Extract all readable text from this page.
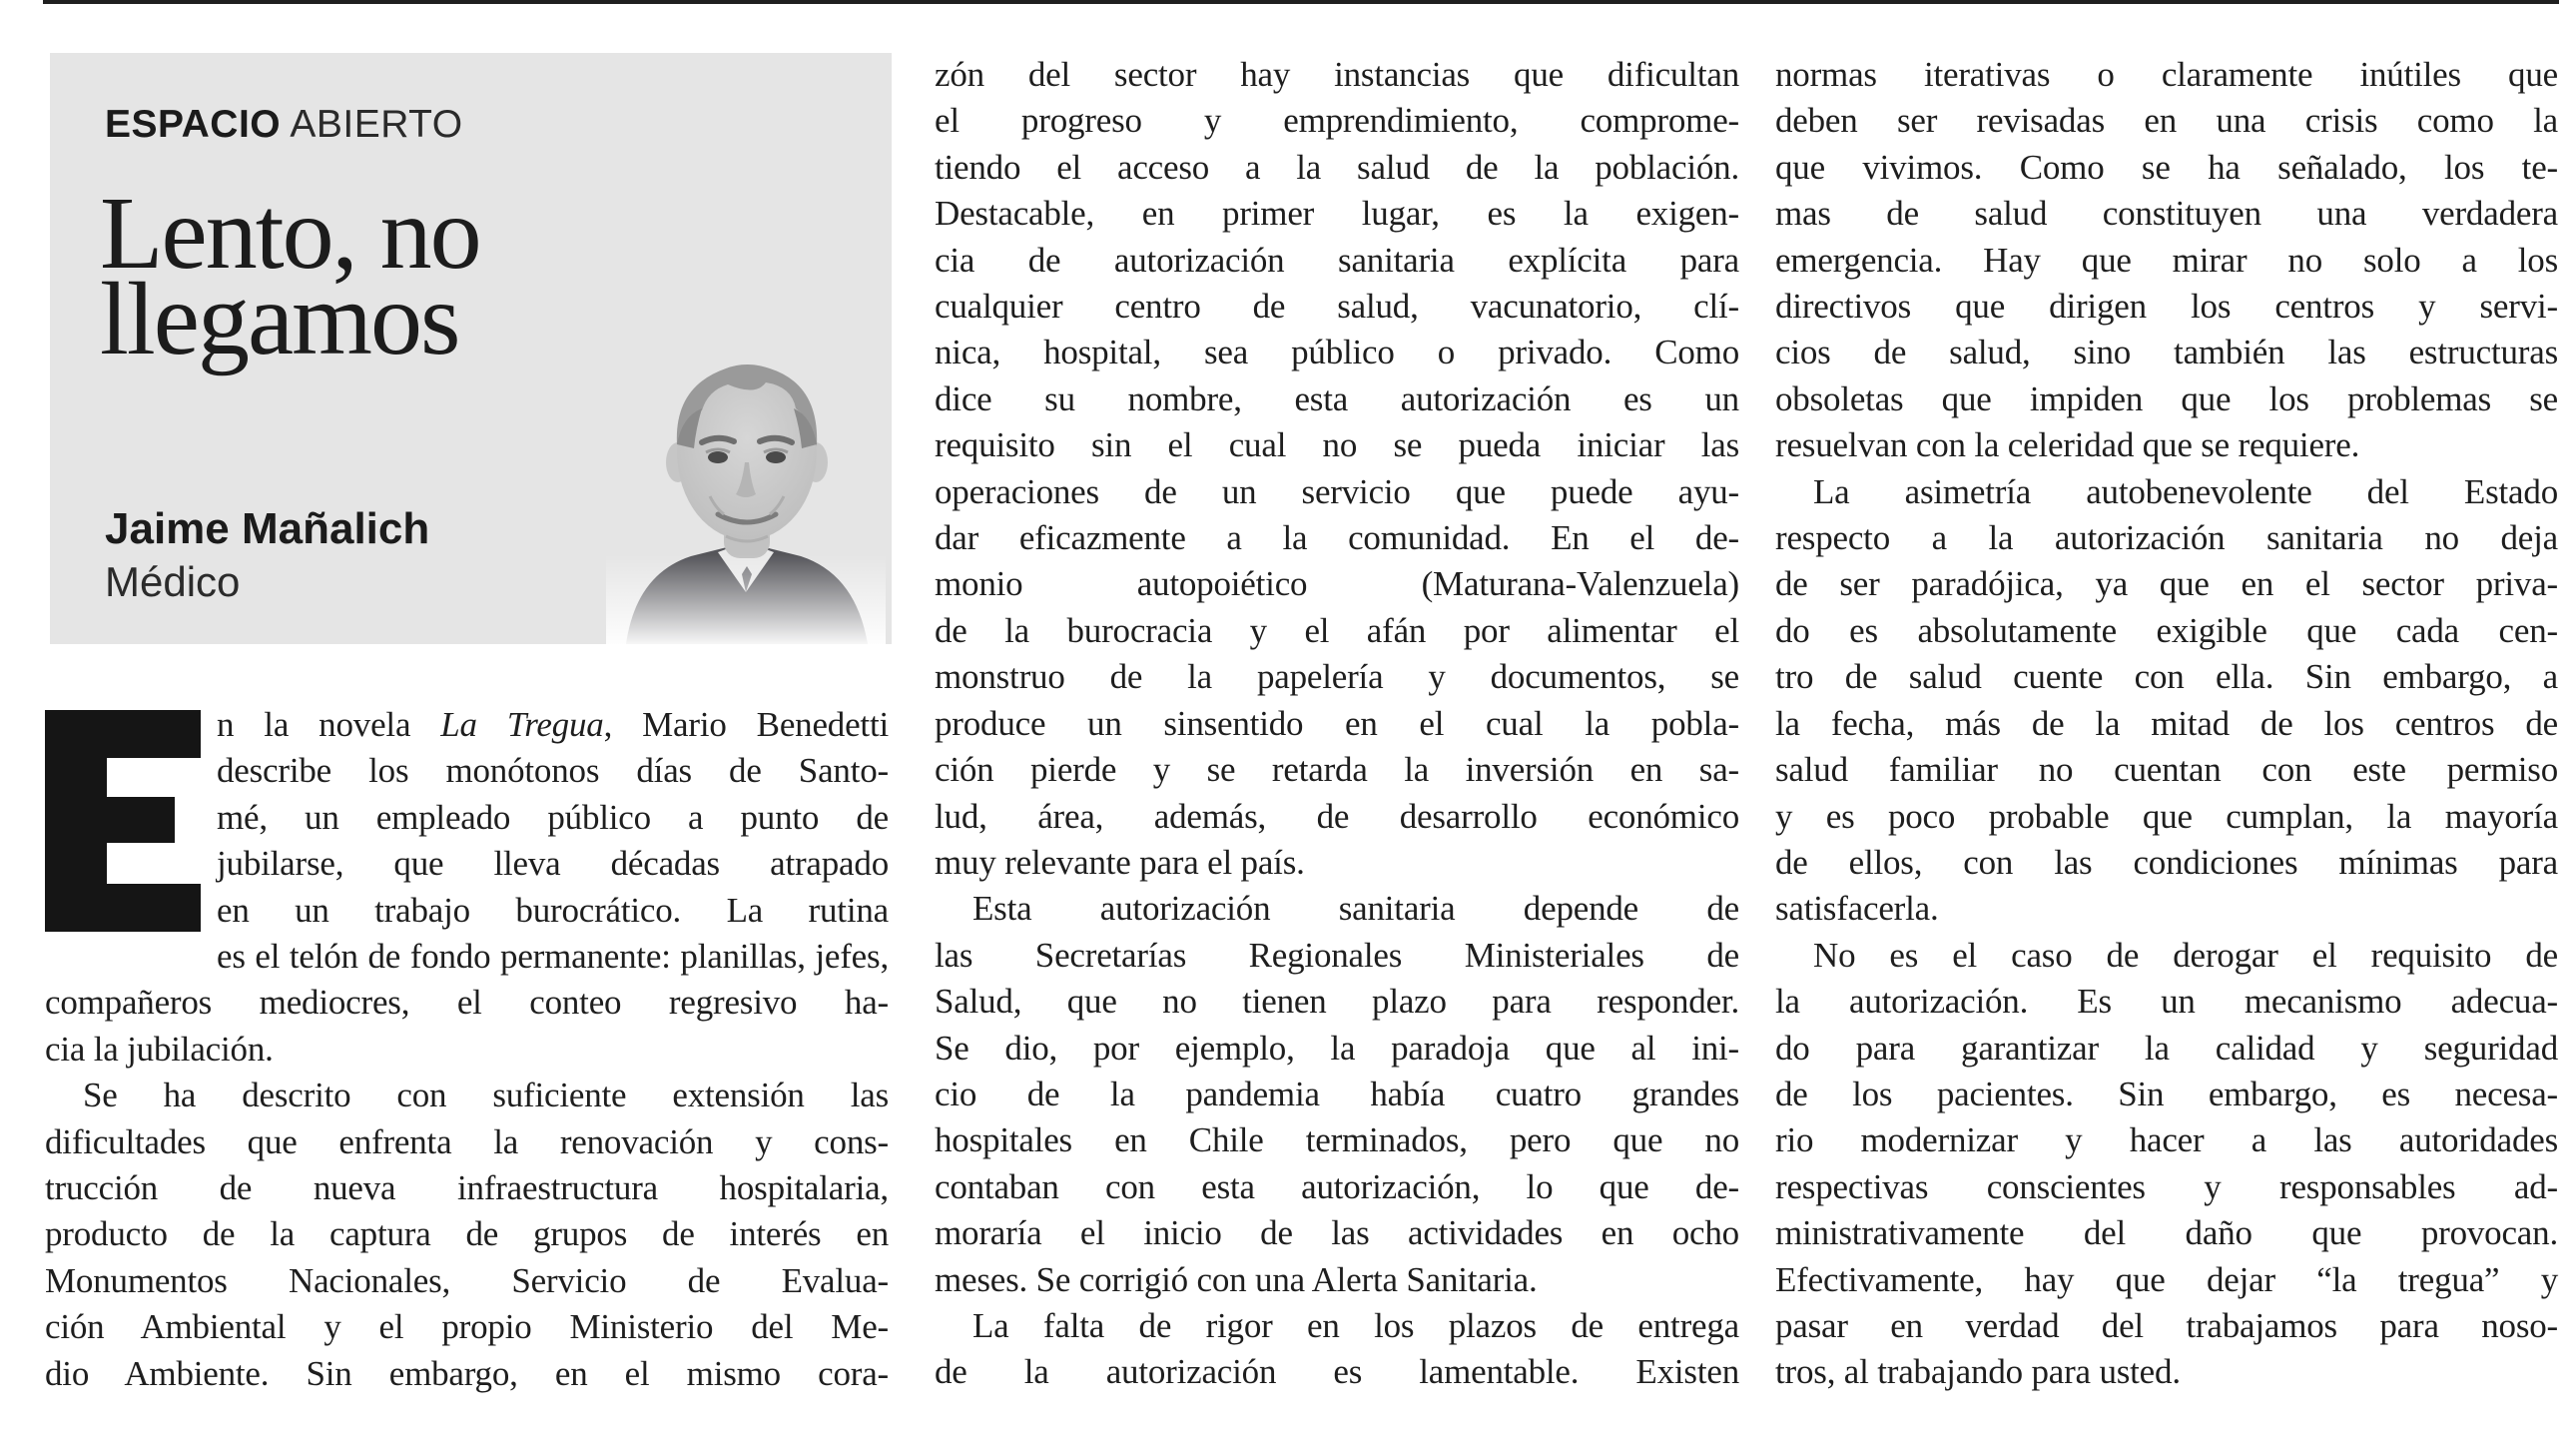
ESPACIO ABIERTO
Lento, no
llegamos
Jaime Mañalich
Médico
n la novela La Tregua, Mario Benedetti
describe los monótonos días de Santo-
mé, un empleado público a punto de
jubilarse, que lleva décadas atrapado
en un trabajo burocrático. La rutina
es el telón de fondo permanente: planillas, jefes,
compañeros mediocres, el conteo regresivo ha-
cia la jubilación.
Se ha descrito con suficiente extensión las
dificultades que enfrenta la renovación y cons-
trucción de nueva infraestructura hospitalaria,
producto de la captura de grupos de interés en
Monumentos Nacionales, Servicio de Evalua-
ción Ambiental y el propio Ministerio del Me-
dio Ambiente. Sin embargo, en el mismo cora-
zón del sector hay instancias que dificultan
el progreso y emprendimiento, comprome-
tiendo el acceso a la salud de la población.
Destacable, en primer lugar, es la exigen-
cia de autorización sanitaria explícita para
cualquier centro de salud, vacunatorio, clí-
nica, hospital, sea público o privado. Como
dice su nombre, esta autorización es un
requisito sin el cual no se pueda iniciar las
operaciones de un servicio que puede ayu-
dar eficazmente a la comunidad. En el de-
monio autopoiético (Maturana-Valenzuela)
de la burocracia y el afán por alimentar el
monstruo de la papelería y documentos, se
produce un sinsentido en el cual la pobla-
ción pierde y se retarda la inversión en sa-
lud, área, además, de desarrollo económico
muy relevante para el país.
Esta autorización sanitaria depende de
las Secretarías Regionales Ministeriales de
Salud, que no tienen plazo para responder.
Se dio, por ejemplo, la paradoja que al ini-
cio de la pandemia había cuatro grandes
hospitales en Chile terminados, pero que no
contaban con esta autorización, lo que de-
moraría el inicio de las actividades en ocho
meses. Se corrigió con una Alerta Sanitaria.
La falta de rigor en los plazos de entrega
de la autorización es lamentable. Existen
normas iterativas o claramente inútiles que
deben ser revisadas en una crisis como la
que vivimos. Como se ha señalado, los te-
mas de salud constituyen una verdadera
emergencia. Hay que mirar no solo a los
directivos que dirigen los centros y servi-
cios de salud, sino también las estructuras
obsoletas que impiden que los problemas se
resuelvan con la celeridad que se requiere.
La asimetría autobenevolente del Estado
respecto a la autorización sanitaria no deja
de ser paradójica, ya que en el sector priva-
do es absolutamente exigible que cada cen-
tro de salud cuente con ella. Sin embargo, a
la fecha, más de la mitad de los centros de
salud familiar no cuentan con este permiso
y es poco probable que cumplan, la mayoría
de ellos, con las condiciones mínimas para
satisfacerla.
No es el caso de derogar el requisito de
la autorización. Es un mecanismo adecua-
do para garantizar la calidad y seguridad
de los pacientes. Sin embargo, es necesa-
rio modernizar y hacer a las autoridades
respectivas conscientes y responsables ad-
ministrativamente del daño que provocan.
Efectivamente, hay que dejar “la tregua” y
pasar en verdad del trabajamos para noso-
tros, al trabajando para usted.
